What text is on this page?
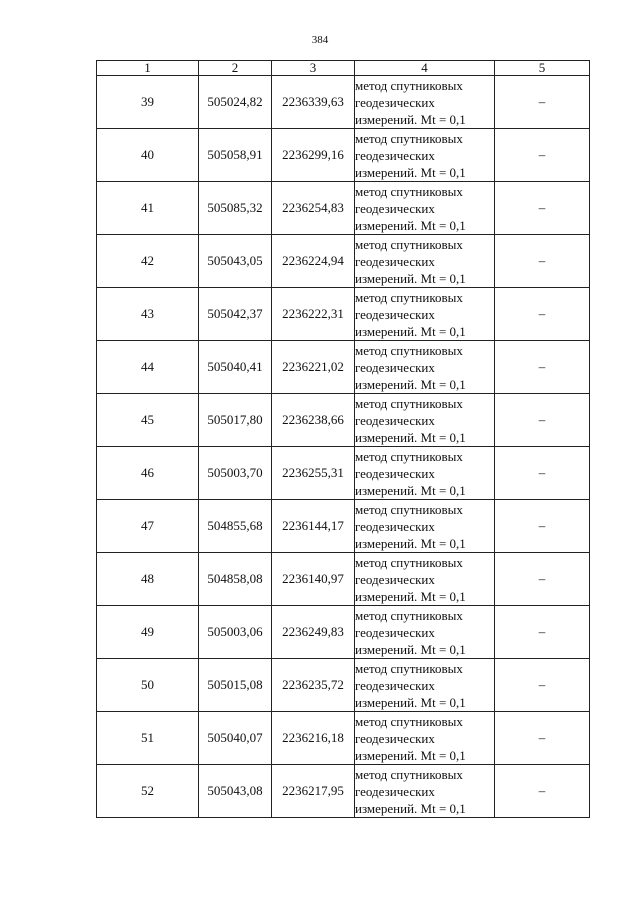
384
1	2	3	4	5
39	505024,82	2236339,63	метод спутниковых
геодезических
измерений. Mt = 0,1	–
40	505058,91	2236299,16	метод спутниковых
геодезических
измерений. Mt = 0,1	–
41	505085,32	2236254,83	метод спутниковых
геодезических
измерений. Mt = 0,1	–
42	505043,05	2236224,94	метод спутниковых
геодезических
измерений. Mt = 0,1	–
43	505042,37	2236222,31	метод спутниковых
геодезических
измерений. Mt = 0,1	–
44	505040,41	2236221,02	метод спутниковых
геодезических
измерений. Mt = 0,1	–
45	505017,80	2236238,66	метод спутниковых
геодезических
измерений. Mt = 0,1	–
46	505003,70	2236255,31	метод спутниковых
геодезических
измерений. Mt = 0,1	–
47	504855,68	2236144,17	метод спутниковых
геодезических
измерений. Mt = 0,1	–
48	504858,08	2236140,97	метод спутниковых
геодезических
измерений. Mt = 0,1	–
49	505003,06	2236249,83	метод спутниковых
геодезических
измерений. Mt = 0,1	–
50	505015,08	2236235,72	метод спутниковых
геодезических
измерений. Mt = 0,1	–
51	505040,07	2236216,18	метод спутниковых
геодезических
измерений. Mt = 0,1	–
52	505043,08	2236217,95	метод спутниковых
геодезических
измерений. Mt = 0,1	–
